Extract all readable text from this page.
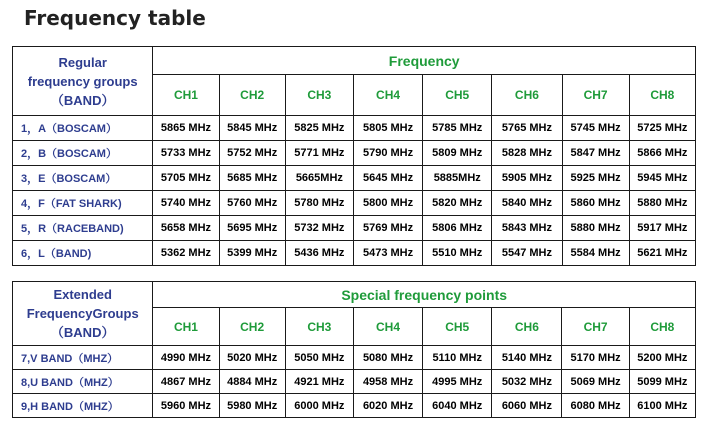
Frequency table
Regular
frequency groups
（BAND）	Frequency							
	CH1	CH2	CH3	CH4	CH5	CH6	CH7	CH8
1，A（BOSCAM）	5865 MHz	5845 MHz	5825 MHz	5805 MHz	5785 MHz	5765 MHz	5745 MHz	5725 MHz
2，B（BOSCAM）	5733 MHz	5752 MHz	5771 MHz	5790 MHz	5809 MHz	5828 MHz	5847 MHz	5866 MHz
3，E（BOSCAM）	5705 MHz	5685 MHz	5665MHz	5645 MHz	5885MHz	5905 MHz	5925 MHz	5945 MHz
4，F（FAT SHARK)	5740 MHz	5760 MHz	5780 MHz	5800 MHz	5820 MHz	5840 MHz	5860 MHz	5880 MHz
5，R（RACEBAND)	5658 MHz	5695 MHz	5732 MHz	5769 MHz	5806 MHz	5843 MHz	5880 MHz	5917 MHz
6，L（BAND)	5362 MHz	5399 MHz	5436 MHz	5473 MHz	5510 MHz	5547 MHz	5584 MHz	5621 MHz
Extended
FrequencyGroups
（BAND）	Special frequency points							
	CH1	CH2	CH3	CH4	CH5	CH6	CH7	CH8
7,V BAND（MHZ）	4990 MHz	5020 MHz	5050 MHz	5080 MHz	5110 MHz	5140 MHz	5170 MHz	5200 MHz
8,U BAND（MHZ）	4867 MHz	4884 MHz	4921 MHz	4958 MHz	4995 MHz	5032 MHz	5069 MHz	5099 MHz
9,H BAND（MHZ）	5960 MHz	5980 MHz	6000 MHz	6020 MHz	6040 MHz	6060 MHz	6080 MHz	6100 MHz
